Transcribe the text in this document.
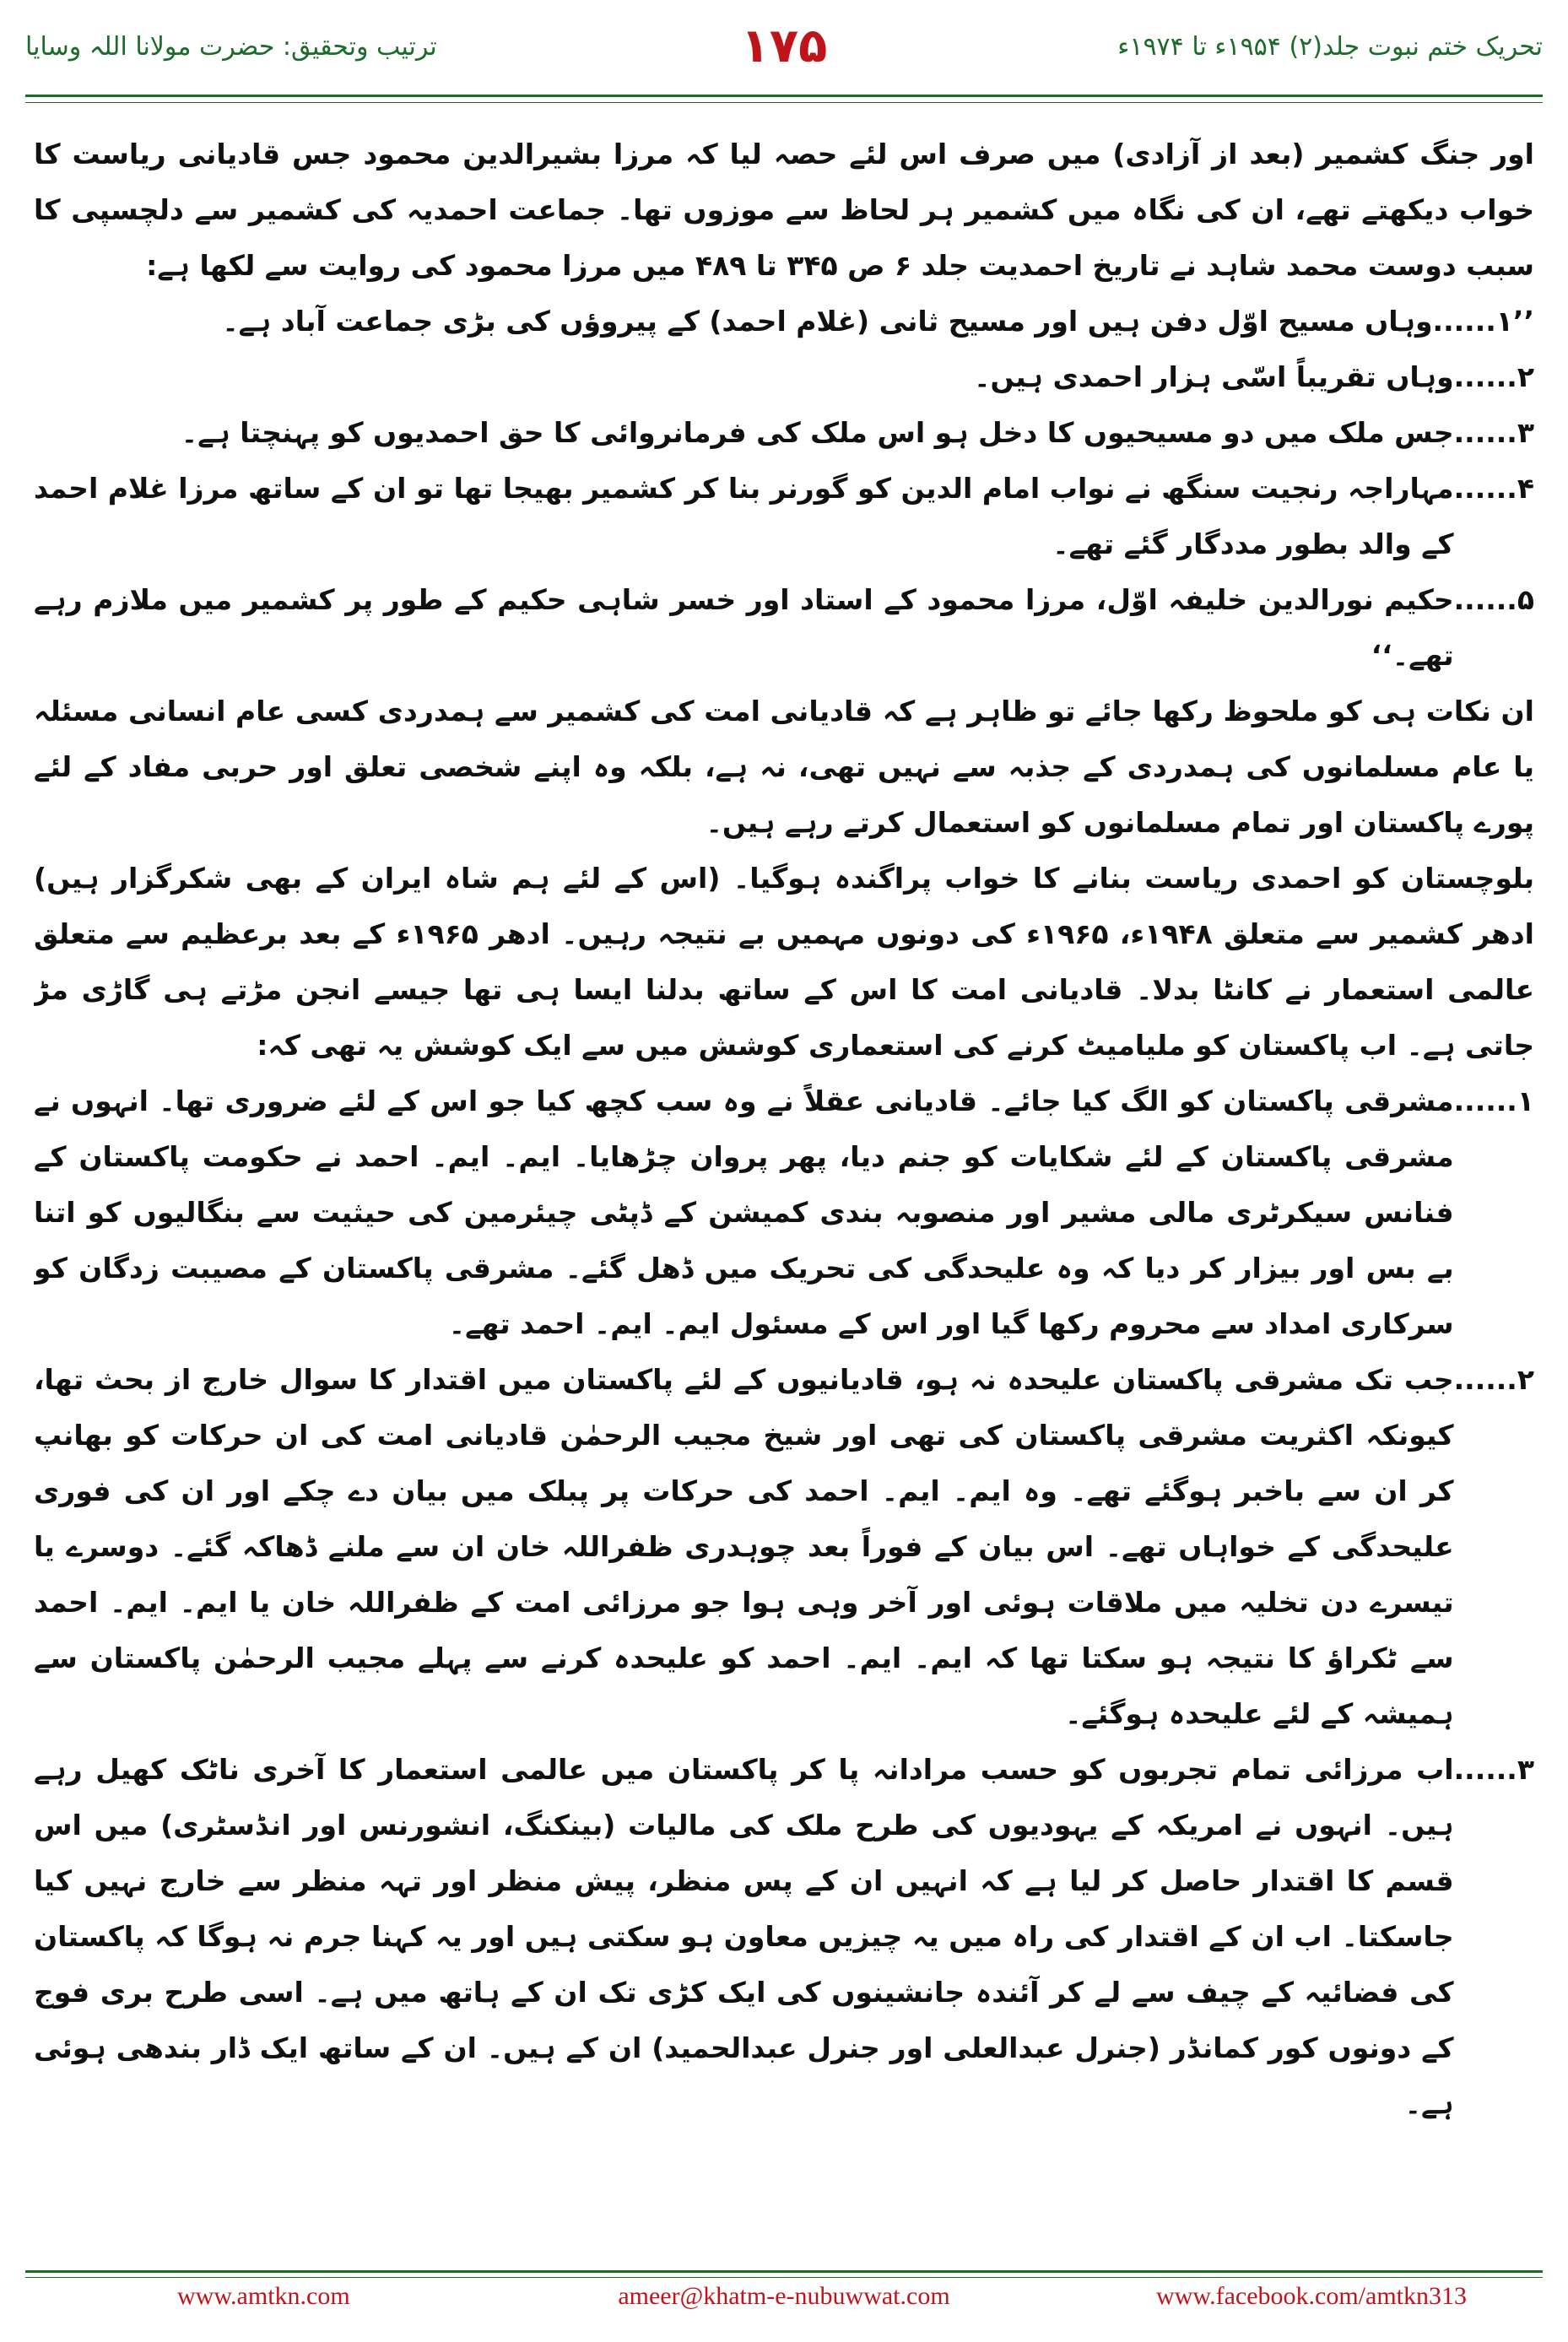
ترتیب وتحقیق: حضرت مولانا اللہ وسایا	۱۷۵	تحریک ختم نبوت جلد(۲) ۱۹۵۴ء تا ۱۹۷۴ء

اور جنگ کشمیر (بعد از آزادی) میں صرف اس لئے حصہ لیا کہ مرزا بشیرالدین محمود جس قادیانی ریاست کا خواب دیکھتے تھے، ان کی نگاہ میں کشمیر ہر لحاظ سے موزوں تھا۔ جماعت احمدیہ کی کشمیر سے دلچسپی کا سبب دوست محمد شاہد نے تاریخ احمدیت جلد ۶ ص ۳۴۵ تا ۴۸۹ میں مرزا محمود کی روایت سے لکھا ہے:

’’۱......
وہاں مسیح اوّل دفن ہیں اور مسیح ثانی (غلام احمد) کے پیروؤں کی بڑی جماعت آباد ہے۔
۲......
وہاں تقریباً اسّی ہزار احمدی ہیں۔
۳......
جس ملک میں دو مسیحیوں کا دخل ہو اس ملک کی فرمانروائی کا حق احمدیوں کو پہنچتا ہے۔
۴......
مہاراجہ رنجیت سنگھ نے نواب امام الدین کو گورنر بنا کر کشمیر بھیجا تھا تو ان کے ساتھ مرزا غلام احمد کے والد بطور مددگار گئے تھے۔
۵......
حکیم نورالدین خلیفہ اوّل، مرزا محمود کے استاد اور خسر شاہی حکیم کے طور پر کشمیر میں ملازم رہے تھے۔‘‘

ان نکات ہی کو ملحوظ رکھا جائے تو ظاہر ہے کہ قادیانی امت کی کشمیر سے ہمدردی کسی عام انسانی مسئلہ یا عام مسلمانوں کی ہمدردی کے جذبہ سے نہیں تھی، نہ ہے، بلکہ وہ اپنے شخصی تعلق اور حربی مفاد کے لئے پورے پاکستان اور تمام مسلمانوں کو استعمال کرتے رہے ہیں۔

بلوچستان کو احمدی ریاست بنانے کا خواب پراگندہ ہوگیا۔ (اس کے لئے ہم شاہ ایران کے بھی شکرگزار ہیں) ادھر کشمیر سے متعلق ۱۹۴۸ء، ۱۹۶۵ء کی دونوں مہمیں بے نتیجہ رہیں۔ ادھر ۱۹۶۵ء کے بعد برعظیم سے متعلق عالمی استعمار نے کانٹا بدلا۔ قادیانی امت کا اس کے ساتھ بدلنا ایسا ہی تھا جیسے انجن مڑتے ہی گاڑی مڑ جاتی ہے۔ اب پاکستان کو ملیامیٹ کرنے کی استعماری کوشش میں سے ایک کوشش یہ تھی کہ:

۱......
مشرقی پاکستان کو الگ کیا جائے۔ قادیانی عقلاً نے وہ سب کچھ کیا جو اس کے لئے ضروری تھا۔ انہوں نے مشرقی پاکستان کے لئے شکایات کو جنم دیا، پھر پروان چڑھایا۔ ایم۔ ایم۔ احمد نے حکومت پاکستان کے فنانس سیکرٹری مالی مشیر اور منصوبہ بندی کمیشن کے ڈپٹی چیئرمین کی حیثیت سے بنگالیوں کو اتنا بے بس اور بیزار کر دیا کہ وہ علیحدگی کی تحریک میں ڈھل گئے۔ مشرقی پاکستان کے مصیبت زدگان کو سرکاری امداد سے محروم رکھا گیا اور اس کے مسئول ایم۔ ایم۔ احمد تھے۔
۲......
جب تک مشرقی پاکستان علیحدہ نہ ہو، قادیانیوں کے لئے پاکستان میں اقتدار کا سوال خارج از بحث تھا، کیونکہ اکثریت مشرقی پاکستان کی تھی اور شیخ مجیب الرحمٰن قادیانی امت کی ان حرکات کو بھانپ کر ان سے باخبر ہوگئے تھے۔ وہ ایم۔ ایم۔ احمد کی حرکات پر پبلک میں بیان دے چکے اور ان کی فوری علیحدگی کے خواہاں تھے۔ اس بیان کے فوراً بعد چوہدری ظفراللہ خان ان سے ملنے ڈھاکہ گئے۔ دوسرے یا تیسرے دن تخلیہ میں ملاقات ہوئی اور آخر وہی ہوا جو مرزائی امت کے ظفراللہ خان یا ایم۔ ایم۔ احمد سے ٹکراؤ کا نتیجہ ہو سکتا تھا کہ ایم۔ ایم۔ احمد کو علیحدہ کرنے سے پہلے مجیب الرحمٰن پاکستان سے ہمیشہ کے لئے علیحدہ ہوگئے۔
۳......
اب مرزائی تمام تجربوں کو حسب مرادانہ پا کر پاکستان میں عالمی استعمار کا آخری ناٹک کھیل رہے ہیں۔ انہوں نے امریکہ کے یہودیوں کی طرح ملک کی مالیات (بینکنگ، انشورنس اور انڈسٹری) میں اس قسم کا اقتدار حاصل کر لیا ہے کہ انہیں ان کے پس منظر، پیش منظر اور تہہ منظر سے خارج نہیں کیا جاسکتا۔ اب ان کے اقتدار کی راہ میں یہ چیزیں معاون ہو سکتی ہیں اور یہ کہنا جرم نہ ہوگا کہ پاکستان کی فضائیہ کے چیف سے لے کر آئندہ جانشینوں کی ایک کڑی تک ان کے ہاتھ میں ہے۔ اسی طرح بری فوج کے دونوں کور کمانڈر (جنرل عبدالعلی اور جنرل عبدالحمید) ان کے ہیں۔ ان کے ساتھ ایک ڈار بندھی ہوئی ہے۔
www.amtkn.com	ameer@khatm-e-nubuwwat.com	www.facebook.com/amtkn313
